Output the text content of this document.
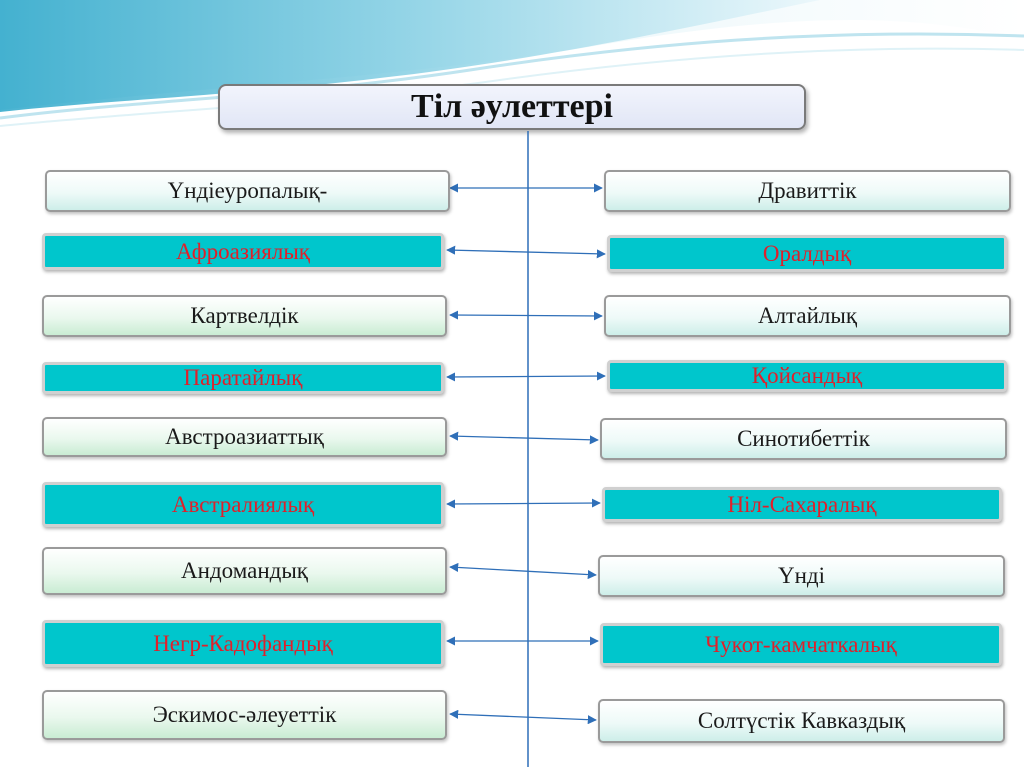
Тіл әулеттері
Үндіеуропалық-
Афроазиялық
Картвелдік
Паратайлық
Австроазиаттық
Австралиялық
Андомандық
Негр-Кадофандық
Эскимос-әлеуеттік
Дравиттік
Оралдық
Алтайлық
Қойсандық
Синотибеттік
Ніл-Сахаралық
Үнді
Чукот-камчаткалық
Солтүстік Кавказдық
